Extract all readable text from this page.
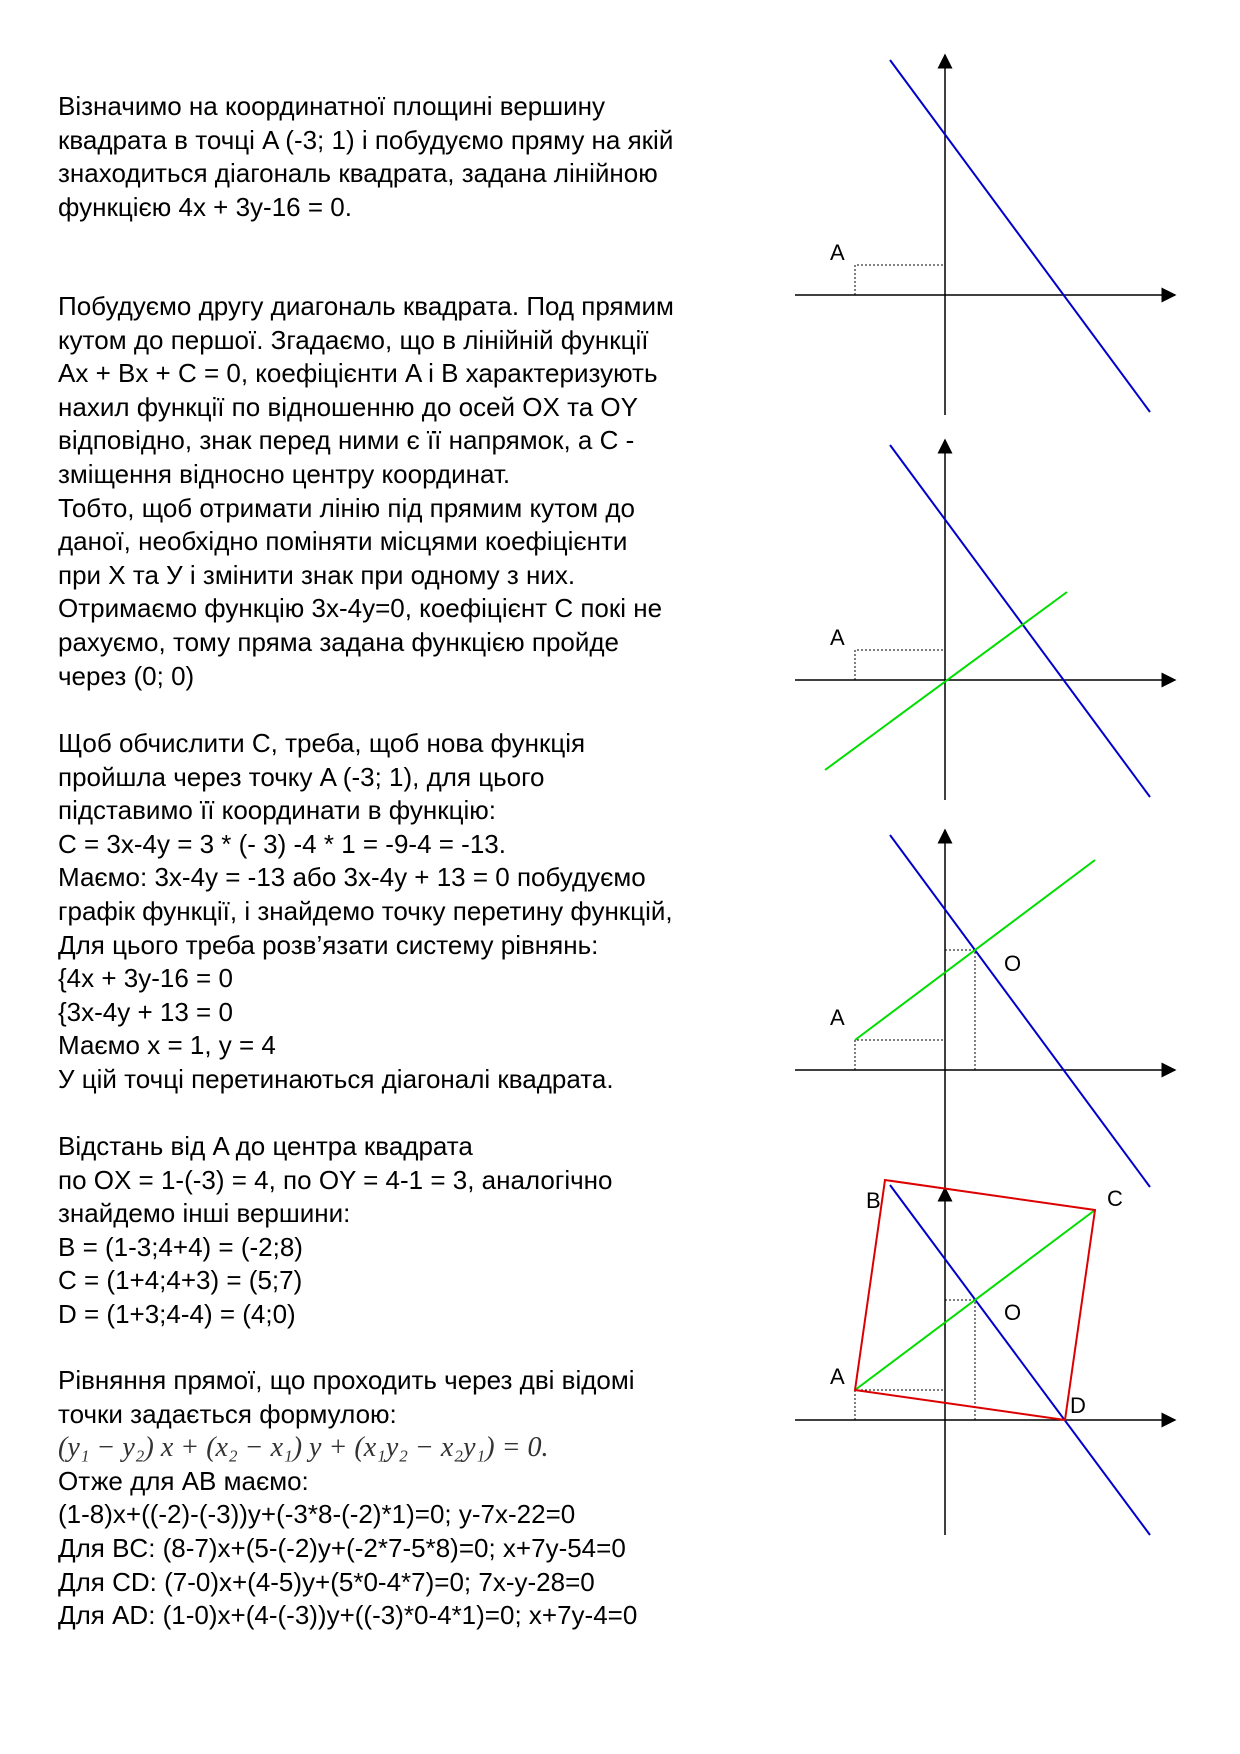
Візначимо на координатної площині вершину
квадрата в точці A (-3; 1) і побудуємо пряму на якій
знаходиться діагональ квадрата, задана лінійною
функцією 4x + 3y-16 = 0.
Побудуємо другу диагональ квадрата. Под прямим
кутом до першої. Згадаємо, що в лінійній функції
Ax + Bx + C = 0, коефіцієнти A і B характеризують
нахил функції по відношенню до осей OX та OY
відповідно, знак перед ними є її напрямок, а C -
зміщення відносно центру координат.
Тобто, щоб отримати лінію під прямим кутом до
даної, необхідно поміняти місцями коефіцієнти
при X та У і змінити знак при одному з них.
Отримаємо функцію 3x-4y=0, коефіцієнт C покі не
рахуємо, тому пряма задана функцією пройде
через (0; 0)
Щоб обчислити C, треба, щоб нова функція
пройшла через точку A (-3; 1), для цього
підставимо її координати в функцію:
C = 3x-4y = 3 * (- 3) -4 * 1 = -9-4 = -13.
Маємо: 3x-4y = -13 або 3x-4y + 13 = 0 побудуємо
графік функції, і знайдемо точку перетину функцій,
Для цього треба розв’язати систему рівнянь:
{4x + 3y-16 = 0
{3x-4y + 13 = 0
Маємо x = 1, y = 4
У цій точці перетинаються діагоналі квадрата.
Відстань від A до центра квадрата
по OX = 1-(-3) = 4, по OY = 4-1 = 3, аналогічно
знайдемо інші вершини:
B = (1-3;4+4) = (-2;8)
C = (1+4;4+3) = (5;7)
D = (1+3;4-4) = (4;0)
Рівняння прямої, що проходить через дві відомі
точки задається формулою:
(y₁ − y₂) x + (x₂ − x₁) y + (x₁y₂ − x₂y₁) = 0.
Отже для AB маємо:
(1-8)x+((-2)-(-3))y+(-3*8-(-2)*1)=0; y-7x-22=0
Для BC: (8-7)x+(5-(-2)y+(-2*7-5*8)=0; x+7y-54=0
Для CD: (7-0)x+(4-5)y+(5*0-4*7)=0; 7x-y-28=0
Для AD: (1-0)x+(4-(-3))y+((-3)*0-4*1)=0; x+7y-4=0
A
A
A
O
A
B	C
D
O
